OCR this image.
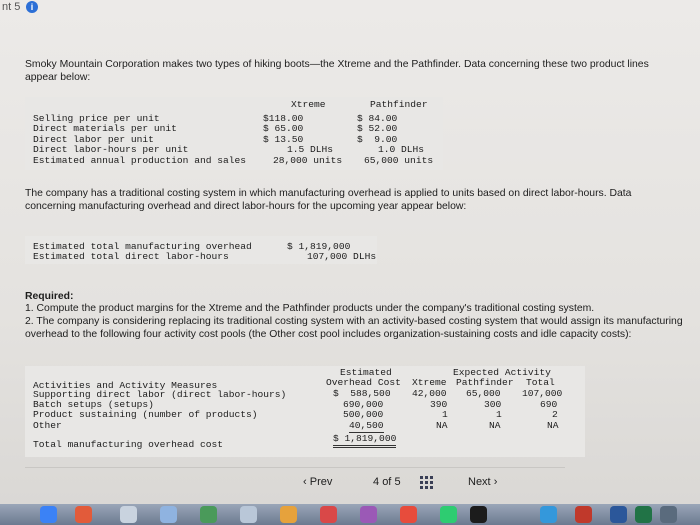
nt 5	i
Smoky Mountain Corporation makes two types of hiking boots—the Xtreme and the Pathfinder. Data concerning these two product lines appear below:
Xtreme	Pathfinder
Selling price per unit	$118.00	$ 84.00
Direct materials per unit	$ 65.00	$ 52.00
Direct labor per unit	$ 13.50	$  9.00
Direct labor-hours per unit	1.5 DLHs	1.0 DLHs
Estimated annual production and sales	28,000 units 65,000 units
The company has a traditional costing system in which manufacturing overhead is applied to units based on direct labor-hours. Data concerning manufacturing overhead and direct labor-hours for the upcoming year appear below:
Estimated total manufacturing overhead	$ 1,819,000
Estimated total direct labor-hours	107,000 DLHs
Required:
1. Compute the product margins for the Xtreme and the Pathfinder products under the company's traditional costing system.
2. The company is considering replacing its traditional costing system with an activity-based costing system that would assign its manufacturing overhead to the following four activity cost pools (the Other cost pool includes organization-sustaining costs and idle capacity costs):
Estimated
Overhead Cost
Expected Activity
Xtreme Pathfinder Total
Activities and Activity Measures
Supporting direct labor (direct labor-hours)	$  588,500 42,000 65,000 107,000
Batch setups (setups)	690,000	390	300	690
Product sustaining (number of products)	500,000	1	1	2
Other	40,500	NA	NA	NA
Total manufacturing overhead cost
$ 1,819,000
‹ Prev	4 of 5	Next ›
